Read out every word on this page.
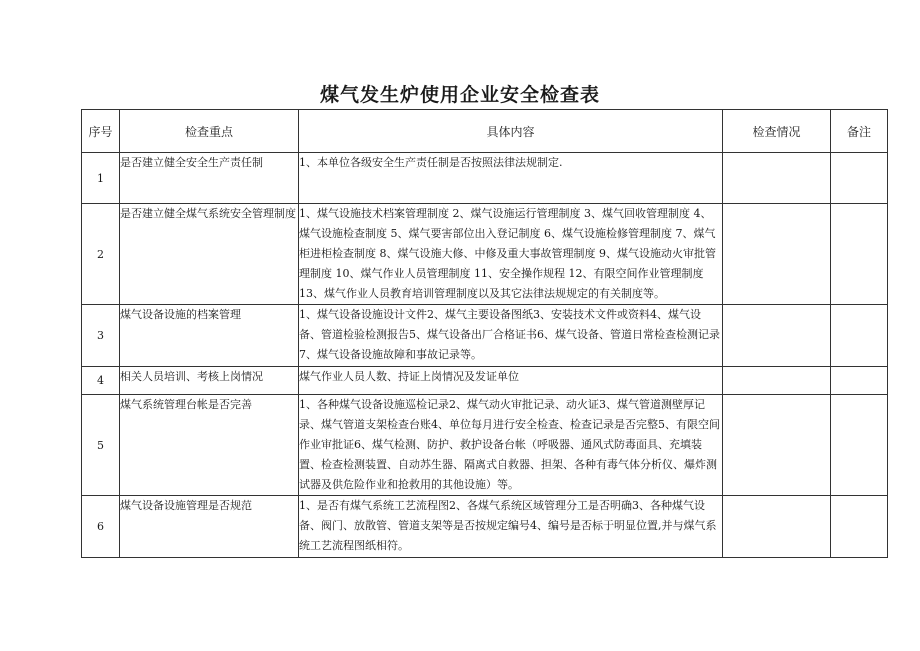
煤气发生炉使用企业安全检查表
序号	检查重点	具体内容	检查情况	备注
1	是否建立健全安全生产责任制	1、本单位各级安全生产责任制是否按照法律法规制定.		
2	是否建立健全煤气系统安全管理制度	1、煤气设施技术档案管理制度 2、煤气设施运行管理制度 3、煤气回收管理制度 4、煤气设施检查制度 5、煤气要害部位出入登记制度 6、煤气设施检修管理制度 7、煤气柜进柜检查制度 8、煤气设施大修、中修及重大事故管理制度 9、煤气设施动火审批管理制度 10、煤气作业人员管理制度 11、安全操作规程 12、有限空间作业管理制度 13、煤气作业人员教育培训管理制度以及其它法律法规规定的有关制度等。		
3	煤气设备设施的档案管理	1、煤气设备设施设计文件2、煤气主要设备图纸3、安装技术文件或资料4、煤气设备、管道检验检测报告5、煤气设备出厂合格证书6、煤气设备、管道日常检查检测记录7、煤气设备设施故障和事故记录等。		
4	相关人员培训、考核上岗情况	煤气作业人员人数、持证上岗情况及发证单位		
5	煤气系统管理台帐是否完善	1、各种煤气设备设施巡检记录2、煤气动火审批记录、动火证3、煤气管道测壁厚记录、煤气管道支架检查台账4、单位每月进行安全检查、检查记录是否完整5、有限空间作业审批证6、煤气检测、防护、救护设备台帐（呼吸器、通风式防毒面具、充填装置、检查检测装置、自动苏生器、隔离式自救器、担架、各种有毒气体分析仪、爆炸测试器及供危险作业和抢救用的其他设施）等。		
6	煤气设备设施管理是否规范	1、是否有煤气系统工艺流程图2、各煤气系统区域管理分工是否明确3、各种煤气设备、阀门、放散管、管道支架等是否按规定编号4、编号是否标于明显位置,并与煤气系统工艺流程图纸相符。		
